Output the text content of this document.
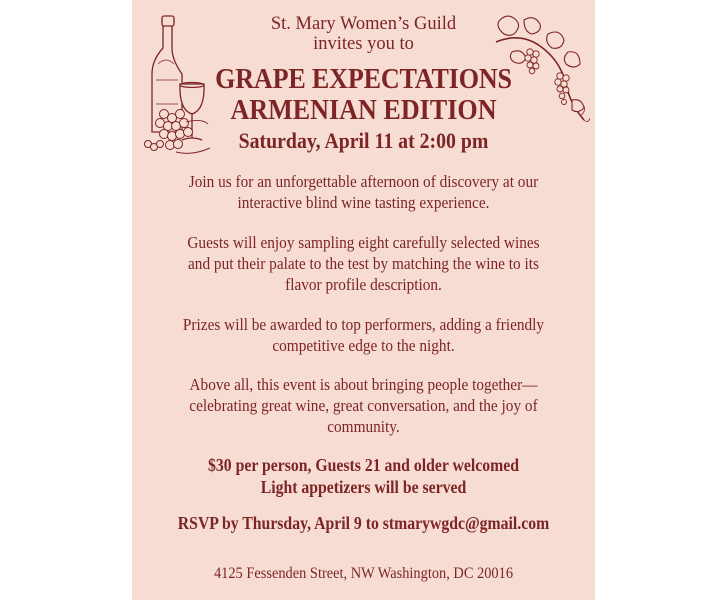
St. Mary Women’s Guild
invites you to
GRAPE EXPECTATIONS
ARMENIAN EDITION
Saturday, April 11 at 2:00 pm
Join us for an unforgettable afternoon of discovery at our
interactive blind wine tasting experience.
Guests will enjoy sampling eight carefully selected wines
and put their palate to the test by matching the wine to its
flavor profile description.
Prizes will be awarded to top performers, adding a friendly
competitive edge to the night.
Above all, this event is about bringing people together—
celebrating great wine, great conversation, and the joy of
community.
$30 per person, Guests 21 and older welcomed
Light appetizers will be served
RSVP by Thursday, April 9 to stmarywgdc@gmail.com
4125 Fessenden Street, NW Washington, DC 20016
